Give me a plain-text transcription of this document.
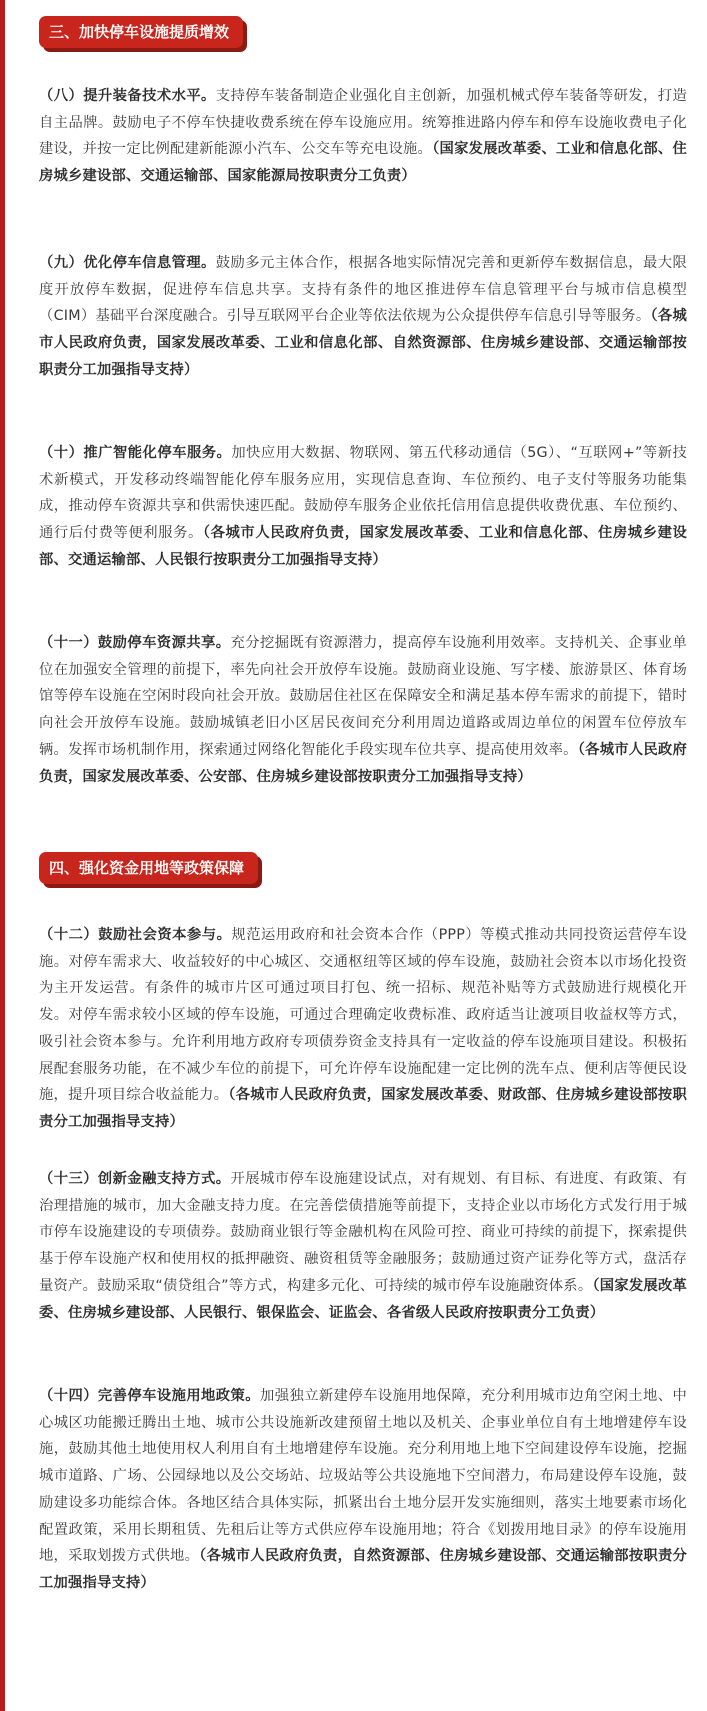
三、加快停车设施提质增效

（八）提升装备技术水平。支持停车装备制造企业强化自主创新，加强机械式停车装备等研发，打造自主品牌。鼓励电子不停车快捷收费系统在停车设施应用。统筹推进路内停车和停车设施收费电子化建设，并按一定比例配建新能源小汽车、公交车等充电设施。（国家发展改革委、工业和信息化部、住房城乡建设部、交通运输部、国家能源局按职责分工负责）

（九）优化停车信息管理。鼓励多元主体合作，根据各地实际情况完善和更新停车数据信息，最大限度开放停车数据，促进停车信息共享。支持有条件的地区推进停车信息管理平台与城市信息模型（CIM）基础平台深度融合。引导互联网平台企业等依法依规为公众提供停车信息引导等服务。（各城市人民政府负责，国家发展改革委、工业和信息化部、自然资源部、住房城乡建设部、交通运输部按职责分工加强指导支持）

（十）推广智能化停车服务。加快应用大数据、物联网、第五代移动通信（5G）、“互联网+”等新技术新模式，开发移动终端智能化停车服务应用，实现信息查询、车位预约、电子支付等服务功能集成，推动停车资源共享和供需快速匹配。鼓励停车服务企业依托信用信息提供收费优惠、车位预约、通行后付费等便利服务。（各城市人民政府负责，国家发展改革委、工业和信息化部、住房城乡建设部、交通运输部、人民银行按职责分工加强指导支持）

（十一）鼓励停车资源共享。充分挖掘既有资源潜力，提高停车设施利用效率。支持机关、企事业单位在加强安全管理的前提下，率先向社会开放停车设施。鼓励商业设施、写字楼、旅游景区、体育场馆等停车设施在空闲时段向社会开放。鼓励居住社区在保障安全和满足基本停车需求的前提下，错时向社会开放停车设施。鼓励城镇老旧小区居民夜间充分利用周边道路或周边单位的闲置车位停放车辆。发挥市场机制作用，探索通过网络化智能化手段实现车位共享、提高使用效率。（各城市人民政府负责，国家发展改革委、公安部、住房城乡建设部按职责分工加强指导支持）

四、强化资金用地等政策保障

（十二）鼓励社会资本参与。规范运用政府和社会资本合作（PPP）等模式推动共同投资运营停车设施。对停车需求大、收益较好的中心城区、交通枢纽等区域的停车设施，鼓励社会资本以市场化投资为主开发运营。有条件的城市片区可通过项目打包、统一招标、规范补贴等方式鼓励进行规模化开发。对停车需求较小区域的停车设施，可通过合理确定收费标准、政府适当让渡项目收益权等方式，吸引社会资本参与。允许利用地方政府专项债券资金支持具有一定收益的停车设施项目建设。积极拓展配套服务功能，在不减少车位的前提下，可允许停车设施配建一定比例的洗车点、便利店等便民设施，提升项目综合收益能力。（各城市人民政府负责，国家发展改革委、财政部、住房城乡建设部按职责分工加强指导支持）

（十三）创新金融支持方式。开展城市停车设施建设试点，对有规划、有目标、有进度、有政策、有治理措施的城市，加大金融支持力度。在完善偿债措施等前提下，支持企业以市场化方式发行用于城市停车设施建设的专项债券。鼓励商业银行等金融机构在风险可控、商业可持续的前提下，探索提供基于停车设施产权和使用权的抵押融资、融资租赁等金融服务；鼓励通过资产证券化等方式，盘活存量资产。鼓励采取“债贷组合”等方式，构建多元化、可持续的城市停车设施融资体系。（国家发展改革委、住房城乡建设部、人民银行、银保监会、证监会、各省级人民政府按职责分工负责）

（十四）完善停车设施用地政策。加强独立新建停车设施用地保障，充分利用城市边角空闲土地、中心城区功能搬迁腾出土地、城市公共设施新改建预留土地以及机关、企事业单位自有土地增建停车设施，鼓励其他土地使用权人利用自有土地增建停车设施。充分利用地上地下空间建设停车设施，挖掘城市道路、广场、公园绿地以及公交场站、垃圾站等公共设施地下空间潜力，布局建设停车设施，鼓励建设多功能综合体。各地区结合具体实际，抓紧出台土地分层开发实施细则，落实土地要素市场化配置政策，采用长期租赁、先租后让等方式供应停车设施用地；符合《划拨用地目录》的停车设施用地，采取划拨方式供地。（各城市人民政府负责，自然资源部、住房城乡建设部、交通运输部按职责分工加强指导支持）
